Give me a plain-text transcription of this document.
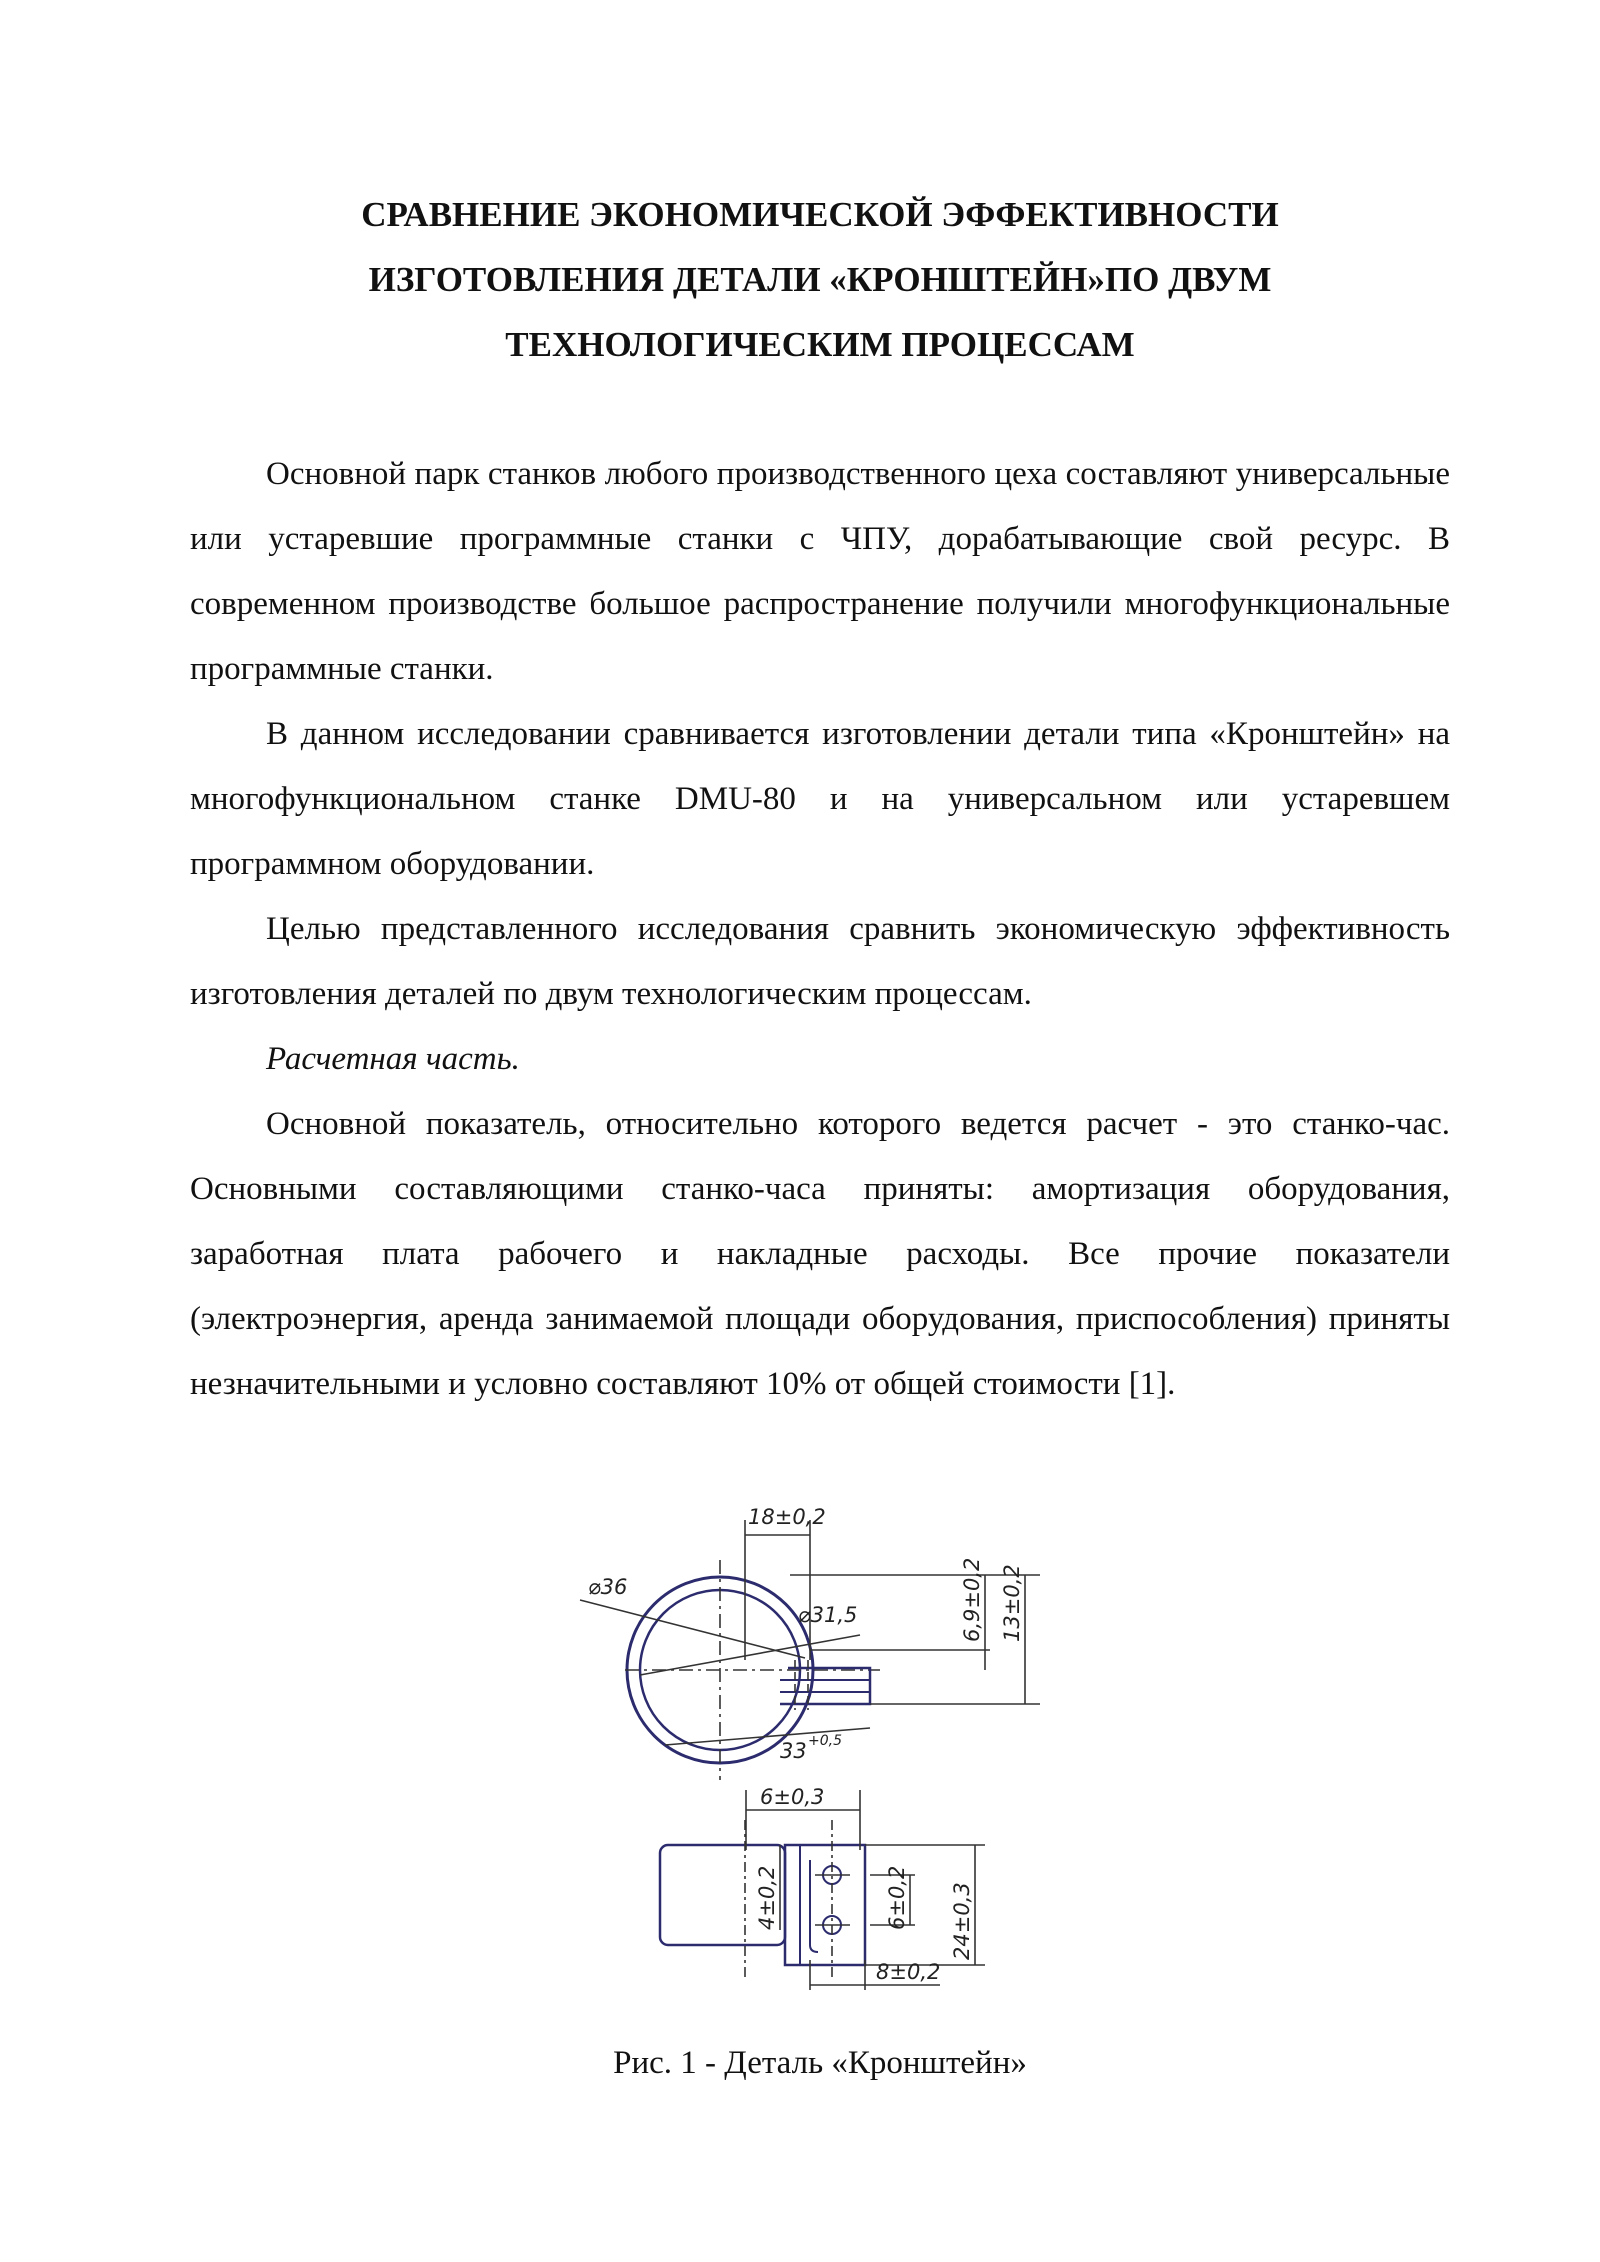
СРАВНЕНИЕ ЭКОНОМИЧЕСКОЙ ЭФФЕКТИВНОСТИ
ИЗГОТОВЛЕНИЯ ДЕТАЛИ «КРОНШТЕЙН»ПО ДВУМ
ТЕХНОЛОГИЧЕСКИМ ПРОЦЕССАМ

Основной парк станков любого производственного цеха составляют универсальные или устаревшие программные станки с ЧПУ, дорабатывающие свой ресурс. В современном производстве большое распространение получили многофункциональные программные станки.

В данном исследовании сравнивается изготовлении детали типа «Кронштейн» на многофункциональном станке DMU-80 и на универсальном или устаревшем программном оборудовании.

Целью представленного исследования сравнить экономическую эффективность изготовления деталей по двум технологическим процессам.

Расчетная часть.

Основной показатель, относительно которого ведется расчет - это станко-час. Основными составляющими станко-часа приняты: амортизация оборудования, заработная плата рабочего и накладные расходы. Все прочие показатели (электроэнергия, аренда занимаемой площади оборудования, приспособления) приняты незначительными и условно составляют 10% от общей стоимости [1].

18±0,2
⌀36
⌀31,5	6,9±0,2 13±0,2
33 +0,5
6±0,3
4±0,2	6±0,2 24±0,3
8±0,2
Рис. 1 - Деталь «Кронштейн»
